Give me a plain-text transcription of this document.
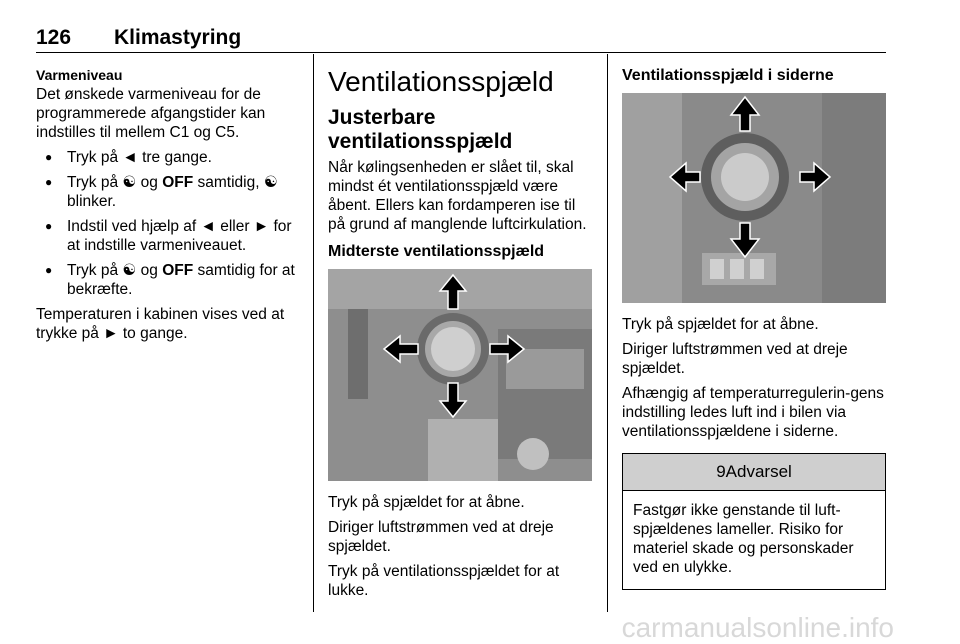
126 Klimastyring
Varmeniveau

Det ønskede varmeniveau for de programmerede afgangstider kan indstilles til mellem C1 og C5.

● Tryk på ◄ tre gange.
● Tryk på ☯ og OFF samtidig, ☯ blinker.
● Indstil ved hjælp af ◄ eller ► for at indstille varmeniveauet.
● Tryk på ☯ og OFF samtidig for at bekræfte.

Temperaturen i kabinen vises ved at trykke på ► to gange.

Ventilationsspjæld
Justerbare ventilationsspjæld

Når kølingsenheden er slået til, skal mindst ét ventilationsspjæld være åbent. Ellers kan fordamperen ise til på grund af manglende luftcirkulation.

Midterste ventilationsspjæld

Tryk på spjældet for at åbne.

Diriger luftstrømmen ved at dreje spjældet.

Tryk på ventilationsspjældet for at lukke.

Ventilationsspjæld i siderne

Tryk på spjældet for at åbne.

Diriger luftstrømmen ved at dreje spjældet.

Afhængig af temperaturregulerin-gens indstilling ledes luft ind i bilen via ventilationsspjældene i siderne.

9Advarsel
Fastgør ikke genstande til luft-spjældenes lameller. Risiko for materiel skade og personskader ved en ulykke.
carmanualsonline.info
